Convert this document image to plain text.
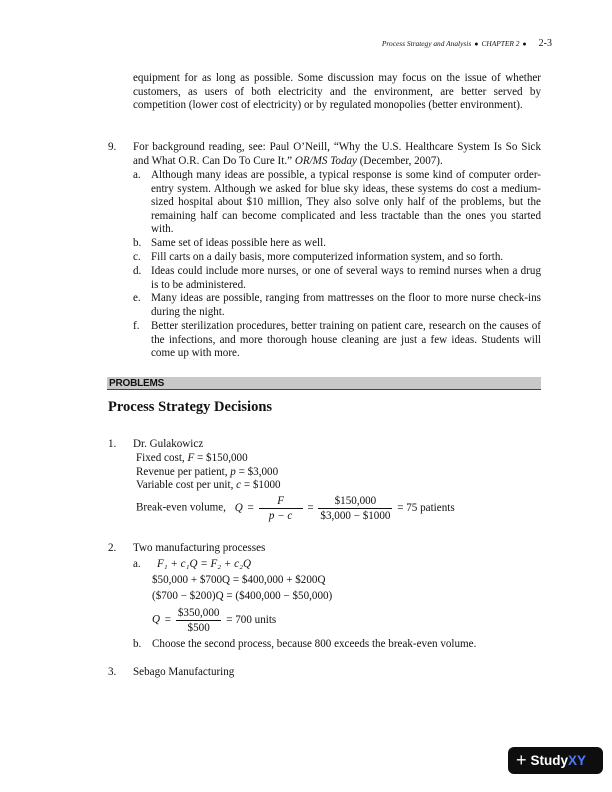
Process Strategy and Analysis ● CHAPTER 2 ● 2-3
equipment for as long as possible. Some discussion may focus on the issue of whether customers, as users of both electricity and the environment, are better served by competition (lower cost of electricity) or by regulated monopolies (better environment).
9. For background reading, see: Paul O’Neill, “Why the U.S. Healthcare System Is So Sick and What O.R. Can Do To Cure It.” OR/MS Today (December, 2007).
a. Although many ideas are possible, a typical response is some kind of computer order-entry system. Although we asked for blue sky ideas, these systems do cost a medium-sized hospital about $10 million, They also solve only half of the problems, but the remaining half can become complicated and less tractable than the ones you started with.
b. Same set of ideas possible here as well.
c. Fill carts on a daily basis, more computerized information system, and so forth.
d. Ideas could include more nurses, or one of several ways to remind nurses when a drug is to be administered.
e. Many ideas are possible, ranging from mattresses on the floor to more nurse check-ins during the night.
f. Better sterilization procedures, better training on patient care, research on the causes of the infections, and more thorough house cleaning are just a few ideas. Students will come up with more.
PROBLEMS
Process Strategy Decisions
1. Dr. Gulakowicz
Fixed cost, F = $150,000
Revenue per patient, p = $3,000
Variable cost per unit, c = $1000
Break-even volume, $Q = \frac{F}{p - c} = \frac{\$150,000}{\$3,000 - \$1000} = 75$ patients
2. Two manufacturing processes
a. F₁ + c₁Q = F₂ + c₂Q
$50,000 + $700Q = $400,000 + $200Q
($700 − $200)Q = ($400,000 − $50,000)
$Q = \frac{\$350,000}{\$500} = 700$ units
b. Choose the second process, because 800 exceeds the break-even volume.
3. Sebago Manufacturing
+ StudyXY
